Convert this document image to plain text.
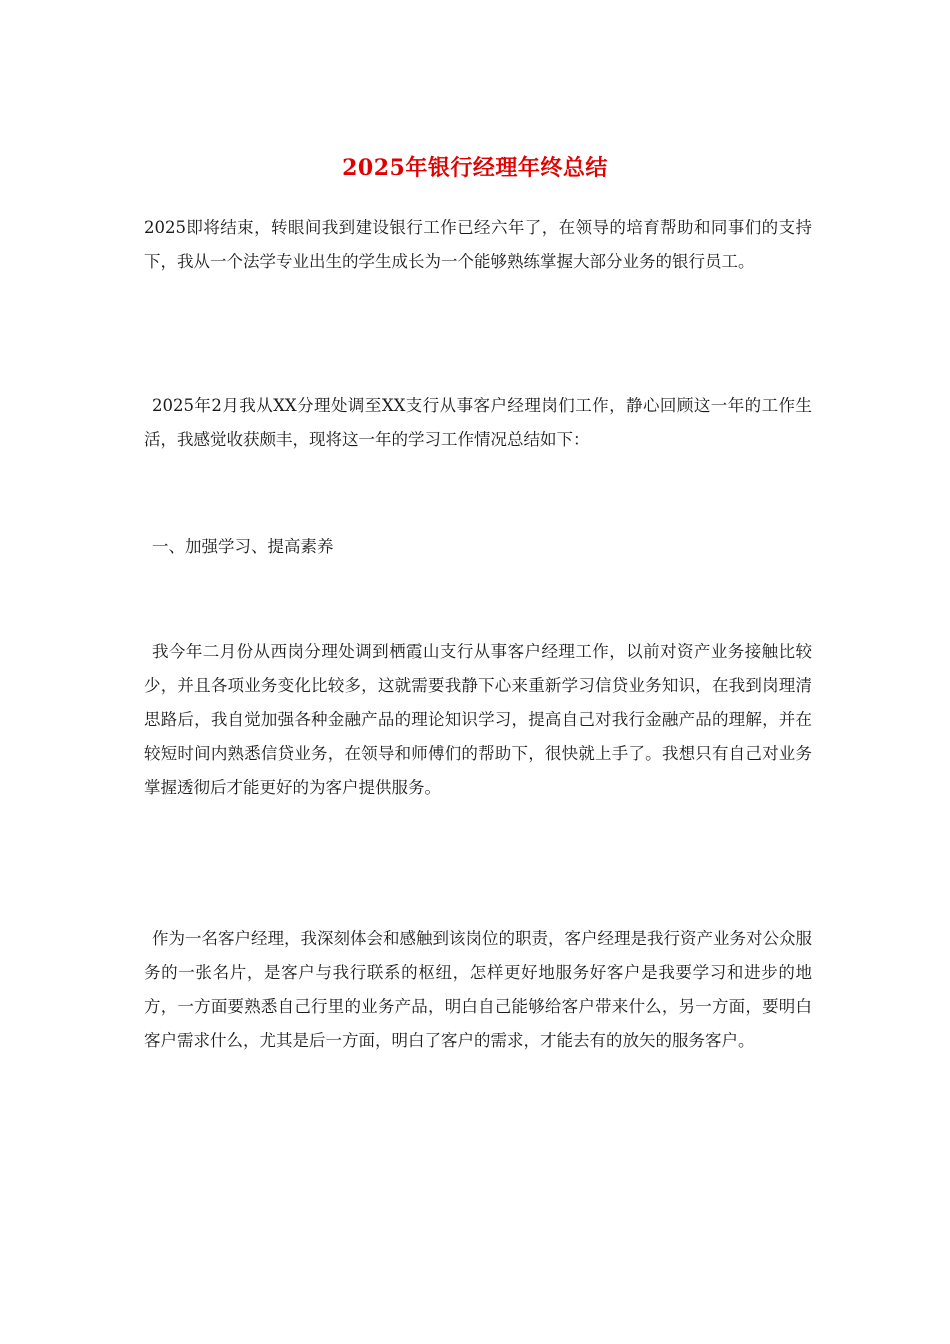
2025年银行经理年终总结

2025即将结束，转眼间我到建设银行工作已经六年了，在领导的培育帮助和同事们的支持下，我从一个法学专业出生的学生成长为一个能够熟练掌握大部分业务的银行员工。

2025年2月我从XX分理处调至XX支行从事客户经理岗们工作，静心回顾这一年的工作生活，我感觉收获颇丰，现将这一年的学习工作情况总结如下：

一、加强学习、提高素养

我今年二月份从西岗分理处调到栖霞山支行从事客户经理工作，以前对资产业务接触比较少，并且各项业务变化比较多，这就需要我静下心来重新学习信贷业务知识，在我到岗理清思路后，我自觉加强各种金融产品的理论知识学习，提高自己对我行金融产品的理解，并在较短时间内熟悉信贷业务，在领导和师傅们的帮助下，很快就上手了。我想只有自己对业务掌握透彻后才能更好的为客户提供服务。

作为一名客户经理，我深刻体会和感触到该岗位的职责，客户经理是我行资产业务对公众服务的一张名片，是客户与我行联系的枢纽，怎样更好地服务好客户是我要学习和进步的地方，一方面要熟悉自己行里的业务产品，明白自己能够给客户带来什么，另一方面，要明白客户需求什么，尤其是后一方面，明白了客户的需求，才能去有的放矢的服务客户。
